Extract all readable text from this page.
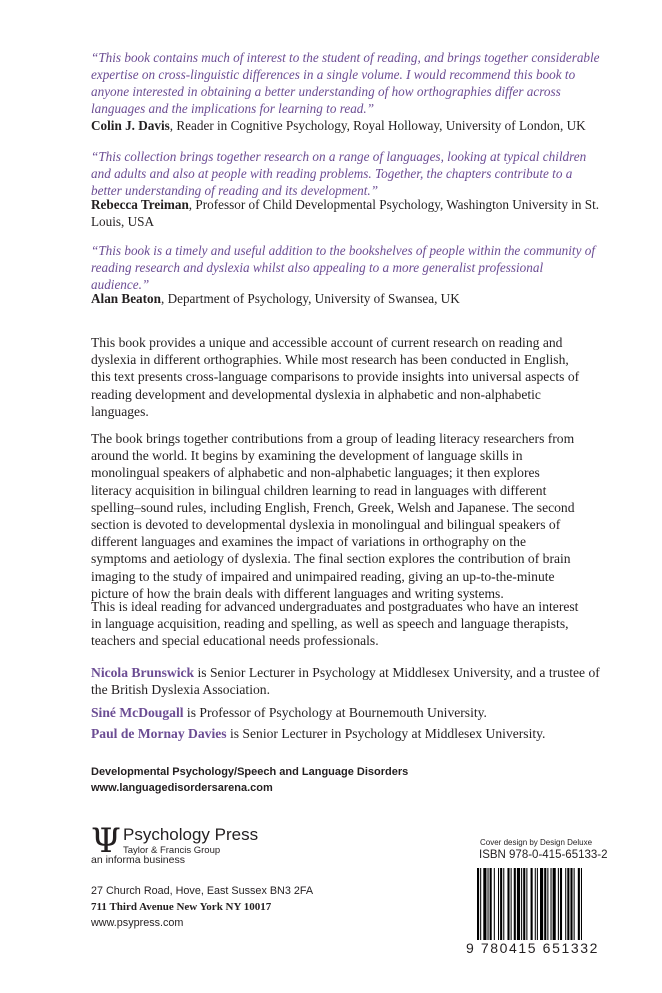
“This book contains much of interest to the student of reading, and brings together considerable expertise on cross-linguistic differences in a single volume. I would recommend this book to anyone interested in obtaining a better understanding of how orthographies differ across languages and the implications for learning to read.”

Colin J. Davis, Reader in Cognitive Psychology, Royal Holloway, University of London, UK

“This collection brings together research on a range of languages, looking at typical children and adults and also at people with reading problems. Together, the chapters contribute to a better understanding of reading and its development.”

Rebecca Treiman, Professor of Child Developmental Psychology, Washington University in St. Louis, USA

“This book is a timely and useful addition to the bookshelves of people within the community of reading research and dyslexia whilst also appealing to a more generalist professional audience.”

Alan Beaton, Department of Psychology, University of Swansea, UK

This book provides a unique and accessible account of current research on reading and dyslexia in different orthographies. While most research has been conducted in English, this text presents cross-language comparisons to provide insights into universal aspects of reading development and developmental dyslexia in alphabetic and non-alphabetic languages.

The book brings together contributions from a group of leading literacy researchers from around the world. It begins by examining the development of language skills in monolingual speakers of alphabetic and non-alphabetic languages; it then explores literacy acquisition in bilingual children learning to read in languages with different spelling–sound rules, including English, French, Greek, Welsh and Japanese. The second section is devoted to developmental dyslexia in monolingual and bilingual speakers of different languages and examines the impact of variations in orthography on the symptoms and aetiology of dyslexia. The final section explores the contribution of brain imaging to the study of impaired and unimpaired reading, giving an up-to-the-minute picture of how the brain deals with different languages and writing systems.

This is ideal reading for advanced undergraduates and postgraduates who have an interest in language acquisition, reading and spelling, as well as speech and language therapists, teachers and special educational needs professionals.

Nicola Brunswick is Senior Lecturer in Psychology at Middlesex University, and a trustee of the British Dyslexia Association.

Siné McDougall is Professor of Psychology at Bournemouth University.

Paul de Mornay Davies is Senior Lecturer in Psychology at Middlesex University.

Developmental Psychology/Speech and Language Disorders
www.languagedisordersarena.com
Ψ Psychology Press
Taylor & Francis Group
an informa business
27 Church Road, Hove, East Sussex BN3 2FA
711 Third Avenue New York NY 10017
www.psypress.com
Cover design by Design Deluxe
ISBN 978-0-415-65133-2
9 780415 651332
